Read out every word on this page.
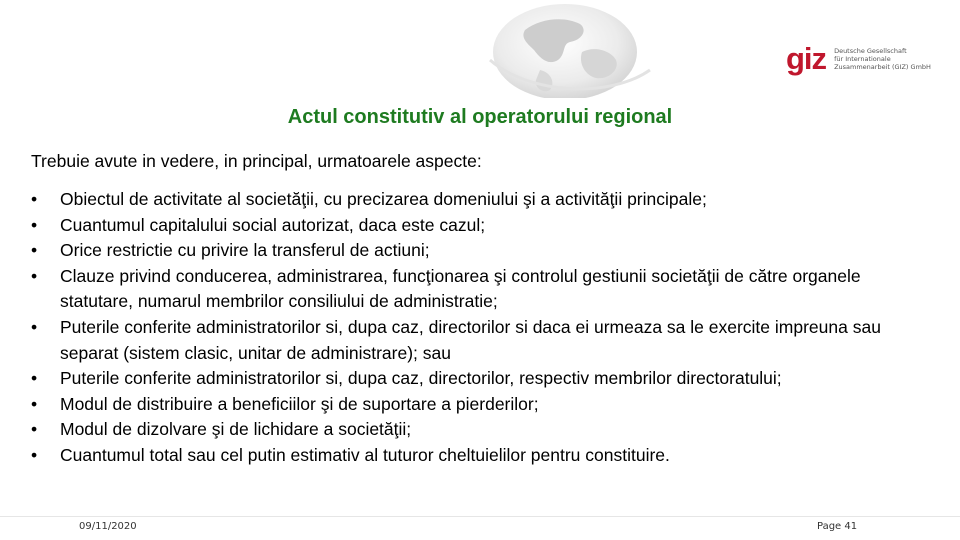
giz Deutsche Gesellschaft
für Internationale
Zusammenarbeit (GIZ) GmbH
Actul constitutiv al operatorului regional
Trebuie avute in vedere, in principal, urmatoarele aspecte:
• Obiectul de activitate al societăţii, cu precizarea domeniului şi a activităţii principale;
• Cuantumul capitalului social autorizat, daca este cazul;
• Orice restrictie cu privire la transferul de actiuni;
• Clauze privind conducerea, administrarea, funcţionarea şi controlul gestiunii societăţii de către organele statutare, numarul membrilor consiliului de administratie;
• Puterile conferite administratorilor si, dupa caz, directorilor si daca ei urmeaza sa le exercite impreuna sau separat (sistem clasic, unitar de administrare); sau
• Puterile conferite administratorilor si, dupa caz, directorilor, respectiv membrilor directoratului;
• Modul de distribuire a beneficiilor şi de suportare a pierderilor;
• Modul de dizolvare şi de lichidare a societăţii;
• Cuantumul total sau cel putin estimativ al tuturor cheltuielilor pentru constituire.
09/11/2020	Page 41
